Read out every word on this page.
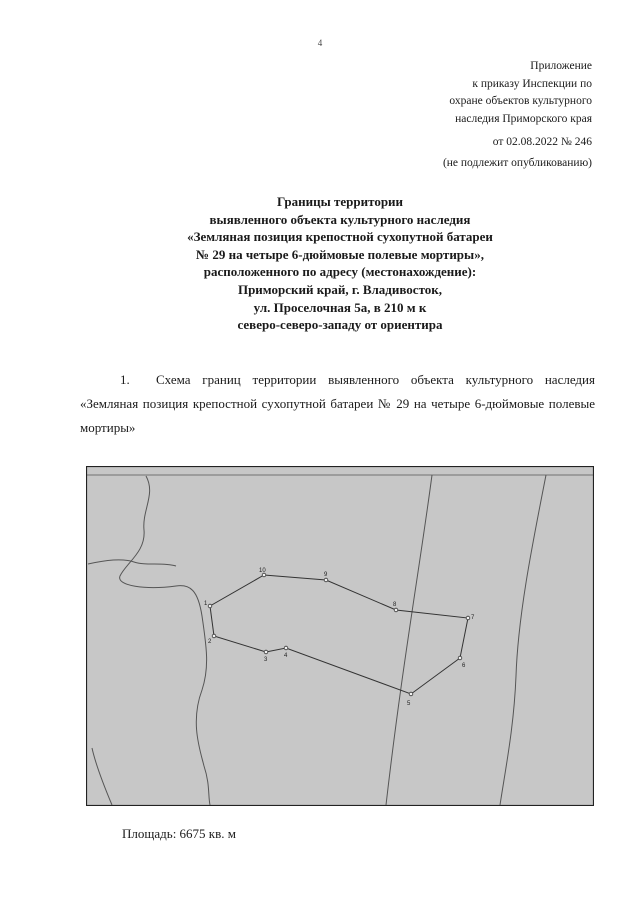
4
Приложение
к приказу Инспекции по
охране объектов культурного
наследия Приморского края
от 02.08.2022 № 246
(не подлежит опубликованию)
Границы территории
выявленного объекта культурного наследия
«Земляная позиция крепостной сухопутной батареи
№ 29 на четыре 6-дюймовые полевые мортиры»,
расположенного по адресу (местонахождение):
Приморский край, г. Владивосток,
ул. Проселочная 5а, в 210 м к
северо-северо-западу от ориентира
1. Схема границ территории выявленного объекта культурного наследия «Земляная позиция крепостной сухопутной батареи № 29 на четыре 6-дюймовые полевые мортиры»
1
2
3
4
5
6
7
8
9
10
Площадь: 6675 кв. м
